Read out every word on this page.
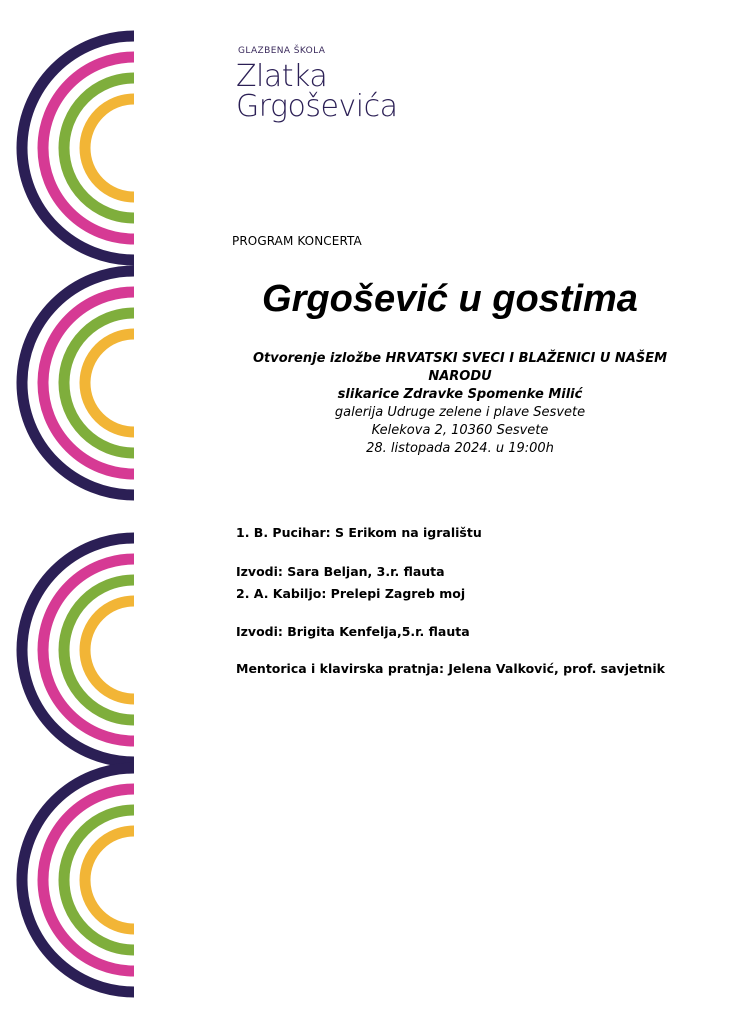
GLAZBENA ŠKOLA
Zlatka
Grgoševića
PROGRAM KONCERTA
Grgošević u gostima
Otvorenje izložbe HRVATSKI SVECI I BLAŽENICI U NAŠEM NARODU
slikarice Zdravke Spomenke Milić
galerija Udruge zelene i plave Sesvete
Kelekova 2, 10360 Sesvete
28. listopada 2024. u 19:00h
1. B. Pucihar: S Erikom na igralištu
Izvodi: Sara Beljan, 3.r. flauta
2. A. Kabiljo: Prelepi Zagreb moj
Izvodi: Brigita Kenfelja,5.r. flauta
Mentorica i klavirska pratnja: Jelena Valković, prof. savjetnik
